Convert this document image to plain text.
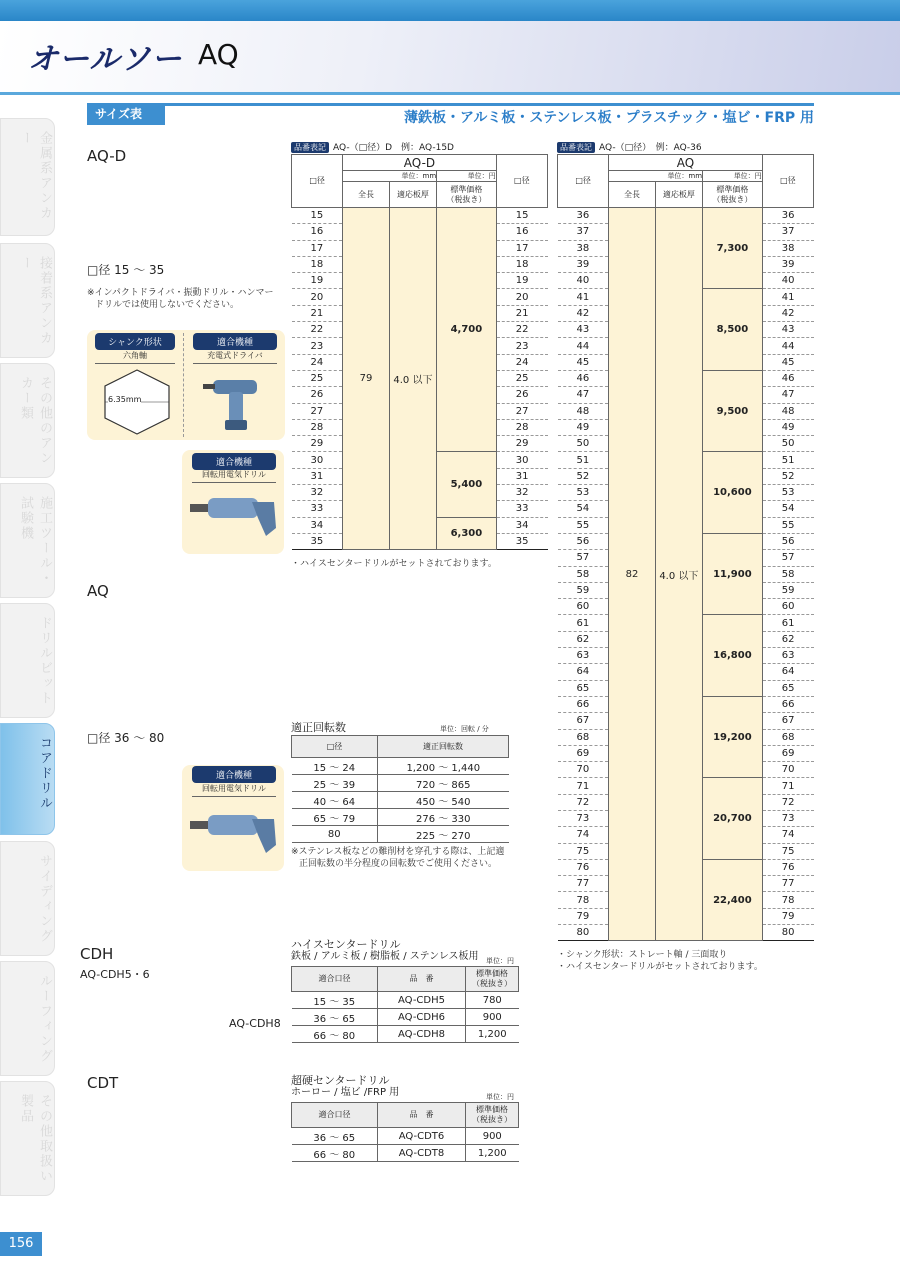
オールソー AQ
金属系アンカー
接着系アンカー
その他のアンカー類
施工ツール・試験機
ドリルビット
コアドリル
サイディング
ルーフィング
その他取扱い製品
156
サイズ表	薄鉄板・アルミ板・ステンレス板・プラスチック・塩ビ・FRP 用
AQ-D
□径 15 ～ 35
※インパクトドライバ・振動ドリル・ハンマー
ドリルでは使用しないでください。
シャンク形状
六角軸
6.35mm
適合機種
充電式ドライバ
適合機種
回転用電気ドリル
AQ
□径 36 ～ 80
適合機種
回転用電気ドリル
CDH
AQ-CDH5・6
AQ-CDH8
CDT
品番表記 AQ-（□径）D　例：AQ-15D
□径	AQ-D			□径
	単位：mm		単位：円	
	全長	適応板厚	標準価格
（税抜き）	
15	79	4.0 以下	4,700	15
16				16
17				17
18				18
19				19
20				20
21				21
22				22
23				23
24				24
25				25
26				26
27				27
28				28
29				29
30			5,400	30
31				31
32				32
33				33
34			6,300	34
35				35
・ハイスセンタードリルがセットされております。
品番表記 AQ-（□径）　例：AQ-36
□径	AQ			□径
	単位：mm		単位：円	
	全長	適応板厚	標準価格
（税抜き）	
36	82	4.0 以下	7,300	36
37				37
38				38
39				39
40				40
41			8,500	41
42				42
43				43
44				44
45				45
46			9,500	46
47				47
48				48
49				49
50				50
51			10,600	51
52				52
53				53
54				54
55				55
56			11,900	56
57				57
58				58
59				59
60				60
61			16,800	61
62				62
63				63
64				64
65				65
66			19,200	66
67				67
68				68
69				69
70				70
71			20,700	71
72				72
73				73
74				74
75				75
76			22,400	76
77				77
78				78
79				79
80				80
・シャンク形状：ストレート軸 / 三面取り
・ハイスセンタードリルがセットされております。
適正回転数	単位：回転 / 分
□径	適正回転数
15 ～ 24	1,200 ～ 1,440
25 ～ 39	720 ～ 865
40 ～ 64	450 ～ 540
65 ～ 79	276 ～ 330
80	225 ～ 270
※ステンレス板などの難削材を穿孔する際は、上記適
正回転数の半分程度の回転数でご使用ください。
ハイスセンタードリル
鉄板 / アルミ板 / 樹脂板 / ステンレス板用 単位：円
適合口径	品　番	標準価格
（税抜き）
15 ～ 35	AQ-CDH5	780
36 ～ 65	AQ-CDH6	900
66 ～ 80	AQ-CDH8	1,200
超硬センタードリル
ホーロー / 塩ビ /FRP 用	単位：円
適合口径	品　番	標準価格
（税抜き）
36 ～ 65	AQ-CDT6	900
66 ～ 80	AQ-CDT8	1,200
